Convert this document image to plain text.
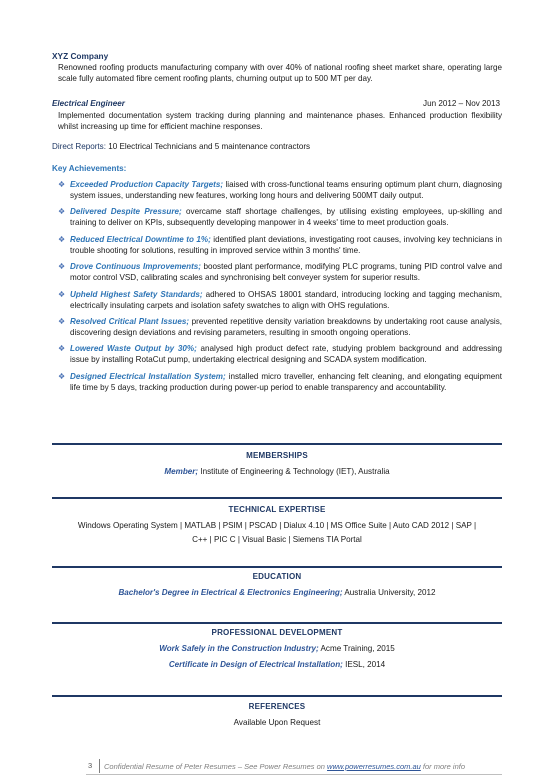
XYZ Company
Renowned roofing products manufacturing company with over 40% of national roofing sheet market share, operating large scale fully automated fibre cement roofing plants, churning output up to 500 MT per day.
Electrical Engineer	Jun 2012 – Nov 2013
Implemented documentation system tracking during planning and maintenance phases. Enhanced production flexibility whilst increasing up time for efficient machine responses.
Direct Reports: 10 Electrical Technicians and 5 maintenance contractors
Key Achievements:
❖ Exceeded Production Capacity Targets; liaised with cross-functional teams ensuring optimum plant churn, diagnosing system issues, understanding new features, working long hours and delivering 500MT daily output.
❖ Delivered Despite Pressure; overcame staff shortage challenges, by utilising existing employees, up-skilling and training to deliver on KPIs, subsequently developing manpower in 4 weeks' time to meet production goals.
❖ Reduced Electrical Downtime to 1%; identified plant deviations, investigating root causes, involving key technicians in trouble shooting for solutions, resulting in improved service within 3 months' time.
❖ Drove Continuous Improvements; boosted plant performance, modifying PLC programs, tuning PID control valve and motor control VSD, calibrating scales and synchronising belt conveyer system for superior results.
❖ Upheld Highest Safety Standards; adhered to OHSAS 18001 standard, introducing locking and tagging mechanism, electrically insulating carpets and isolation safety swatches to align with OHS regulations.
❖ Resolved Critical Plant Issues; prevented repetitive density variation breakdowns by undertaking root cause analysis, discovering design deviations and revising parameters, resulting in smooth ongoing operations.
❖ Lowered Waste Output by 30%; analysed high product defect rate, studying problem background and addressing issue by installing RotaCut pump, undertaking electrical designing and SCADA system modification.
❖ Designed Electrical Installation System; installed micro traveller, enhancing felt cleaning, and elongating equipment life time by 5 days, tracking production during power-up period to enable transparency and accountability.
MEMBERSHIPS
Member; Institute of Engineering & Technology (IET), Australia
TECHNICAL EXPERTISE
Windows Operating System | MATLAB | PSIM | PSCAD | Dialux 4.10 | MS Office Suite | Auto CAD 2012 | SAP |
C++ | PIC C | Visual Basic | Siemens TIA Portal
EDUCATION
Bachelor's Degree in Electrical & Electronics Engineering; Australia University, 2012
PROFESSIONAL DEVELOPMENT
Work Safely in the Construction Industry; Acme Training, 2015
Certificate in Design of Electrical Installation; IESL, 2014
REFERENCES
Available Upon Request
3 Confidential Resume of Peter Resumes – See Power Resumes on www.powerresumes.com.au for more info
